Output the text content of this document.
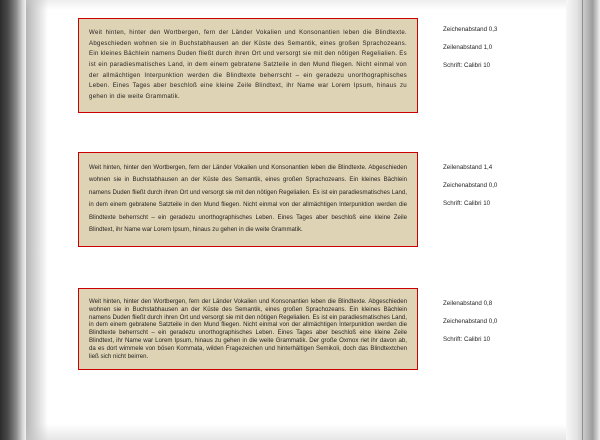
Weit hinten, hinter den Wortbergen, fern der Länder Vokalien und Konsonantien leben die Blindtexte. Abgeschieden wohnen sie in Buchstabhausen an der Küste des Semantik, eines großen Sprachozeans. Ein kleines Bächlein namens Duden fließt durch ihren Ort und versorgt sie mit den nötigen Regelialien. Es ist ein paradiesmatisches Land, in dem einem gebratene Satzteile in den Mund fliegen. Nicht einmal von der allmächtigen Interpunktion werden die Blindtexte beherrscht – ein geradezu unorthographisches Leben. Eines Tages aber beschloß eine kleine Zeile Blindtext, ihr Name war Lorem Ipsum, hinaus zu gehen in die weite Grammatik.

Zeichenabstand 0,3

Zeilenabstand 1,0

Schrift: Calibri 10

Weit hinten, hinter den Wortbergen, fern der Länder Vokalien und Konsonantien leben die Blindtexte. Abgeschieden wohnen sie in Buchstabhausen an der Küste des Semantik, eines großen Sprachozeans. Ein kleines Bächlein namens Duden fließt durch ihren Ort und versorgt sie mit den nötigen Regelialien. Es ist ein paradiesmatisches Land, in dem einem gebratene Satzteile in den Mund fliegen. Nicht einmal von der allmächtigen Interpunktion werden die Blindtexte beherrscht – ein geradezu unorthographisches Leben. Eines Tages aber beschloß eine kleine Zeile Blindtext, ihr Name war Lorem Ipsum, hinaus zu gehen in die weite Grammatik.

Zeilenabstand 1,4

Zeichenabstand 0,0

Schrift: Calibri 10

Weit hinten, hinter den Wortbergen, fern der Länder Vokalien und Konsonantien leben die Blindtexte. Abgeschieden wohnen sie in Buchstabhausen an der Küste des Semantik, eines großen Sprachozeans. Ein kleines Bächlein namens Duden fließt durch ihren Ort und versorgt sie mit den nötigen Regelialien. Es ist ein paradiesmatisches Land, in dem einem gebratene Satzteile in den Mund fliegen. Nicht einmal von der allmächtigen Interpunktion werden die Blindtexte beherrscht – ein geradezu unorthographisches Leben. Eines Tages aber beschloß eine kleine Zeile Blindtext, ihr Name war Lorem Ipsum, hinaus zu gehen in die weite Grammatik. Der große Oxmox riet ihr davon ab, da es dort wimmele von bösen Kommata, wilden Fragezeichen und hinterhältigen Semikoli, doch das Blindtextchen ließ sich nicht beirren.

Zeilenabstand 0,8

Zeichenabstand 0,0

Schrift: Calibri 10
